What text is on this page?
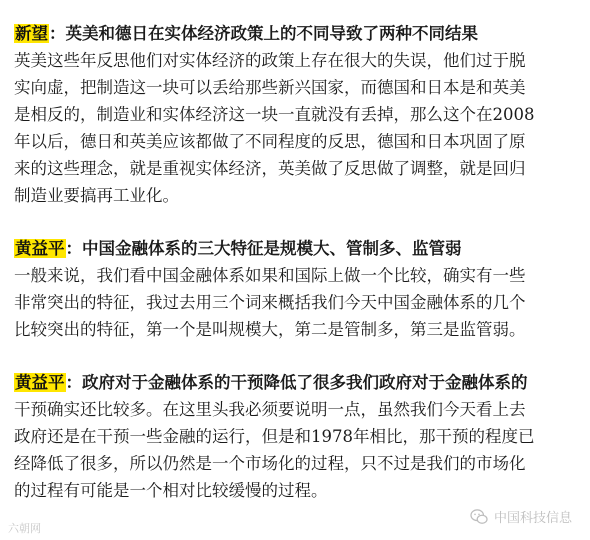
新望：英美和德日在实体经济政策上的不同导致了两种不同结果
英美这些年反思他们对实体经济的政策上存在很大的失误，他们过于脱
实向虚，把制造这一块可以丢给那些新兴国家，而德国和日本是和英美
是相反的，制造业和实体经济这一块一直就没有丢掉，那么这个在2008
年以后，德日和英美应该都做了不同程度的反思，德国和日本巩固了原
来的这些理念，就是重视实体经济，英美做了反思做了调整，就是回归
制造业要搞再工业化。

黄益平：中国金融体系的三大特征是规模大、管制多、监管弱
一般来说，我们看中国金融体系如果和国际上做一个比较，确实有一些
非常突出的特征，我过去用三个词来概括我们今天中国金融体系的几个
比较突出的特征，第一个是叫规模大，第二是管制多，第三是监管弱。

黄益平：政府对于金融体系的干预降低了很多我们政府对于金融体系的
干预确实还比较多。在这里头我必须要说明一点，虽然我们今天看上去
政府还是在干预一些金融的运行，但是和1978年相比，那干预的程度已
经降低了很多，所以仍然是一个市场化的过程，只不过是我们的市场化
的过程有可能是一个相对比较缓慢的过程。

六朝网
中国科技信息
